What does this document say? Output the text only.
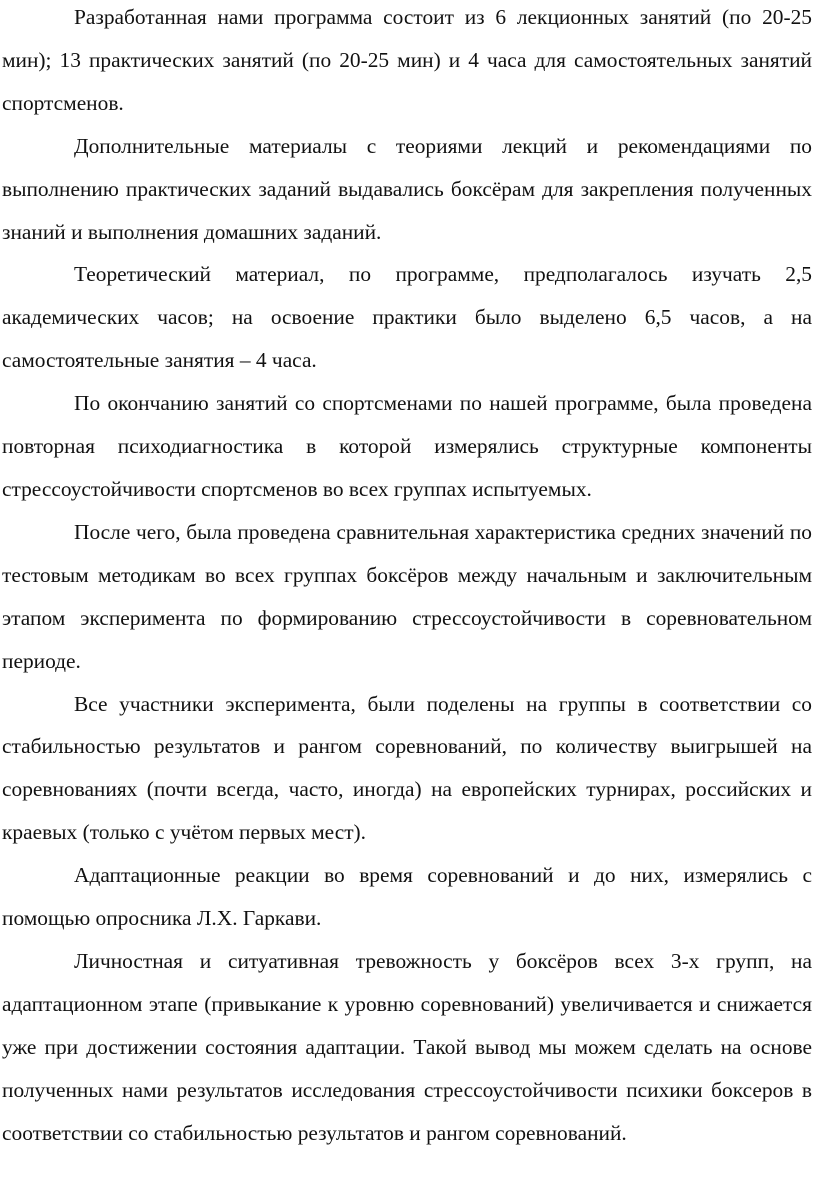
Разработанная нами программа состоит из 6 лекционных занятий (по 20-25 мин); 13 практических занятий (по 20-25 мин) и 4 часа для самостоятельных занятий спортсменов.

Дополнительные материалы с теориями лекций и рекомендациями по выполнению практических заданий выдавались боксёрам для закрепления полученных знаний и выполнения домашних заданий.

Теоретический материал, по программе, предполагалось изучать 2,5 академических часов; на освоение практики было выделено 6,5 часов, а на самостоятельные занятия – 4 часа.

По окончанию занятий со спортсменами по нашей программе, была проведена повторная психодиагностика в которой измерялись структурные компоненты стрессоустойчивости спортсменов во всех группах испытуемых.

После чего, была проведена сравнительная характеристика средних значений по тестовым методикам во всех группах боксёров между начальным и заключительным этапом эксперимента по формированию стрессоустойчивости в соревновательном периоде.

Все участники эксперимента, были поделены на группы в соответствии со стабильностью результатов и рангом соревнований, по количеству выигрышей на соревнованиях (почти всегда, часто, иногда) на европейских турнирах, российских и краевых (только с учётом первых мест).

Адаптационные реакции во время соревнований и до них, измерялись с помощью опросника Л.Х. Гаркави.

Личностная и ситуативная тревожность у боксёров всех 3-х групп, на адаптационном этапе (привыкание к уровню соревнований) увеличивается и снижается уже при достижении состояния адаптации. Такой вывод мы можем сделать на основе полученных нами результатов исследования стрессоустойчивости психики боксеров в соответствии со стабильностью результатов и рангом соревнований.
